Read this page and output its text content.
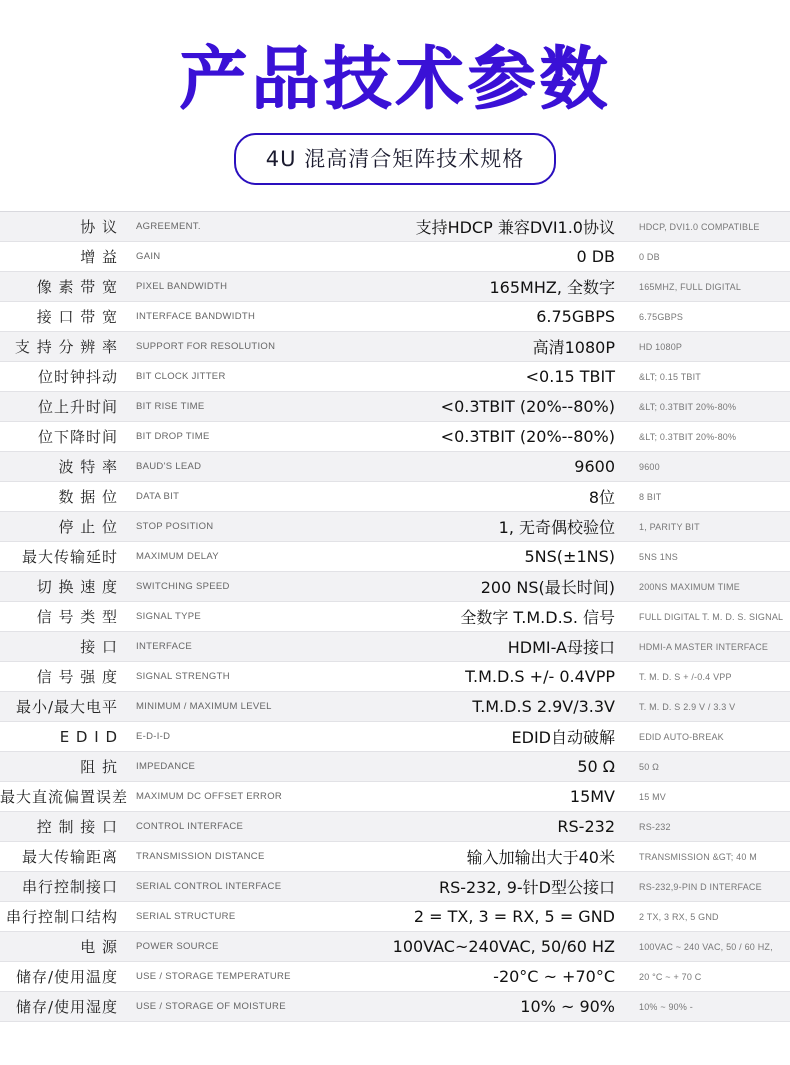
产品技术参数
4U 混高清合矩阵技术规格
协 议	AGREEMENT.	支持HDCP 兼容DVI1.0协议	HDCP, DVI1.0 COMPATIBLE
增 益	GAIN	0 DB	0 DB
像 素 带 宽	PIXEL BANDWIDTH	165MHZ, 全数字	165MHZ, FULL DIGITAL
接 口 带 宽	INTERFACE BANDWIDTH	6.75GBPS	6.75GBPS
支 持 分 辨 率	SUPPORT FOR RESOLUTION	高清1080P	HD 1080P
位时钟抖动	BIT CLOCK JITTER	<0.15 TBIT	&LT; 0.15 TBIT
位上升时间	BIT RISE TIME	<0.3TBIT (20%--80%)	&LT; 0.3TBIT 20%-80%
位下降时间	BIT DROP TIME	<0.3TBIT (20%--80%)	&LT; 0.3TBIT 20%-80%
波 特 率	BAUD'S LEAD	9600	9600
数 据 位	DATA BIT	8位	8 BIT
停 止 位	STOP POSITION	1, 无奇偶校验位	1, PARITY BIT
最大传输延时	MAXIMUM DELAY	5NS(±1NS)	5NS 1NS
切 换 速 度	SWITCHING SPEED	200 NS(最长时间)	200NS MAXIMUM TIME
信 号 类 型	SIGNAL TYPE	全数字 T.M.D.S. 信号	FULL DIGITAL T. M. D. S. SIGNAL
接 口	INTERFACE	HDMI-A母接口	HDMI-A MASTER INTERFACE
信 号 强 度	SIGNAL STRENGTH	T.M.D.S +/- 0.4VPP	T. M. D. S + /-0.4 VPP
最小/最大电平	MINIMUM / MAXIMUM LEVEL	T.M.D.S 2.9V/3.3V	T. M. D. S 2.9 V / 3.3 V
E D I D	E-D-I-D	EDID自动破解	EDID AUTO-BREAK
阻 抗	IMPEDANCE	50 Ω	50 Ω
最大直流偏置误差	MAXIMUM DC OFFSET ERROR	15MV	15 MV
控 制 接 口	CONTROL INTERFACE	RS-232	RS-232
最大传输距离	TRANSMISSION DISTANCE	输入加输出大于40米	TRANSMISSION &GT; 40 M
串行控制接口	SERIAL CONTROL INTERFACE	RS-232, 9-针D型公接口	RS-232,9-PIN D INTERFACE
串行控制口结构	SERIAL STRUCTURE	2 = TX, 3 = RX, 5 = GND	2 TX, 3 RX, 5 GND
电 源	POWER SOURCE	100VAC~240VAC, 50/60 HZ	100VAC ~ 240 VAC, 50 / 60 HZ,
储存/使用温度	USE / STORAGE TEMPERATURE	-20°C ~ +70°C	20 °C ~ + 70 C
储存/使用湿度	USE / STORAGE OF MOISTURE	10% ~ 90%	10% ~ 90% -
